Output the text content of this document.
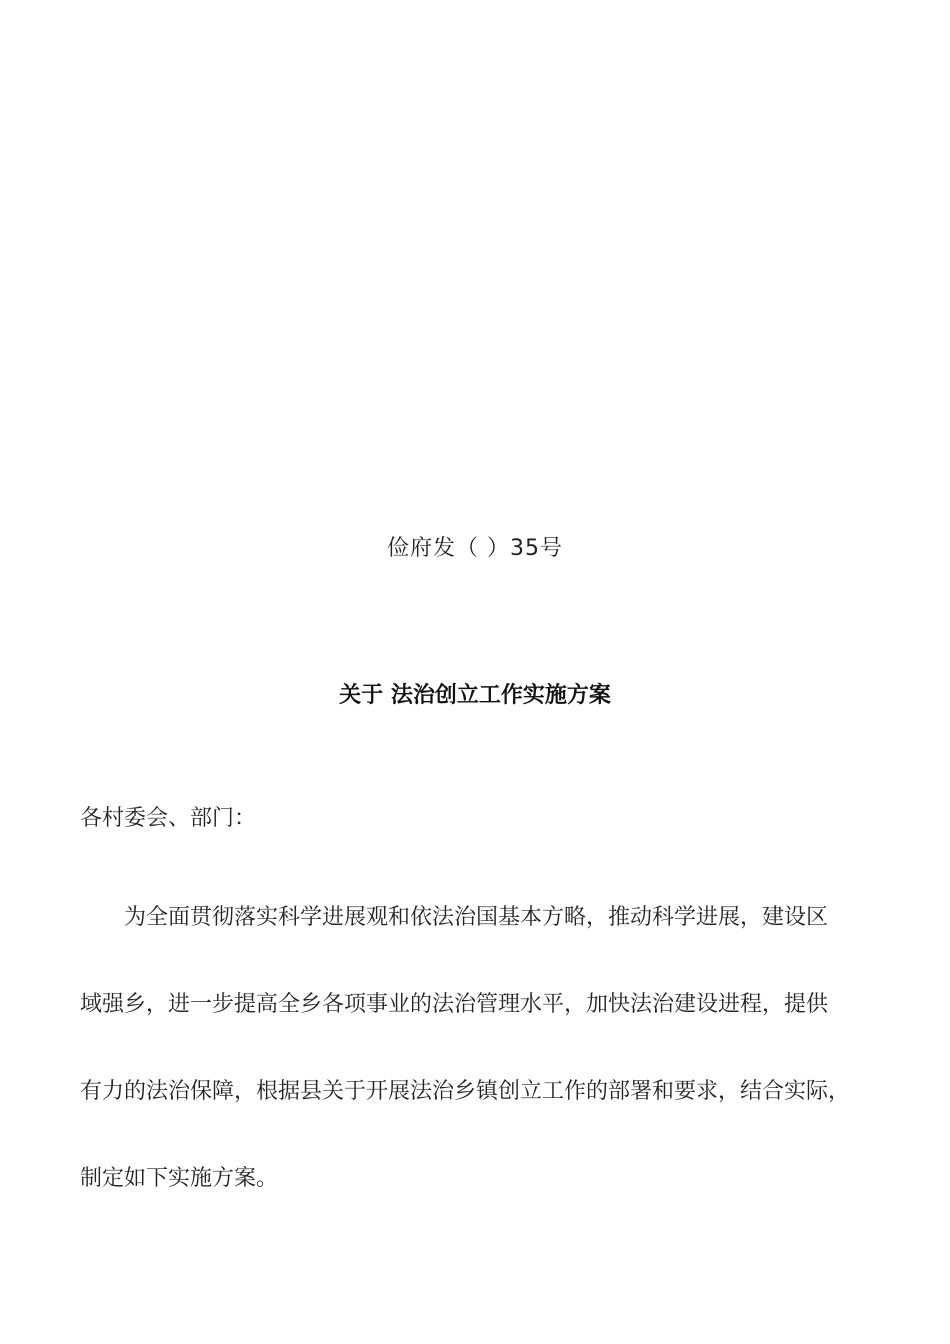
俭府发（ ）35号
关于 法治创立工作实施方案
各村委会、部门：

为全面贯彻落实科学进展观和依法治国基本方略，推动科学进展，建设区
域强乡，进一步提高全乡各项事业的法治管理水平，加快法治建设进程，提供
有力的法治保障，根据县关于开展法治乡镇创立工作的部署和要求，结合实际，
制定如下实施方案。
